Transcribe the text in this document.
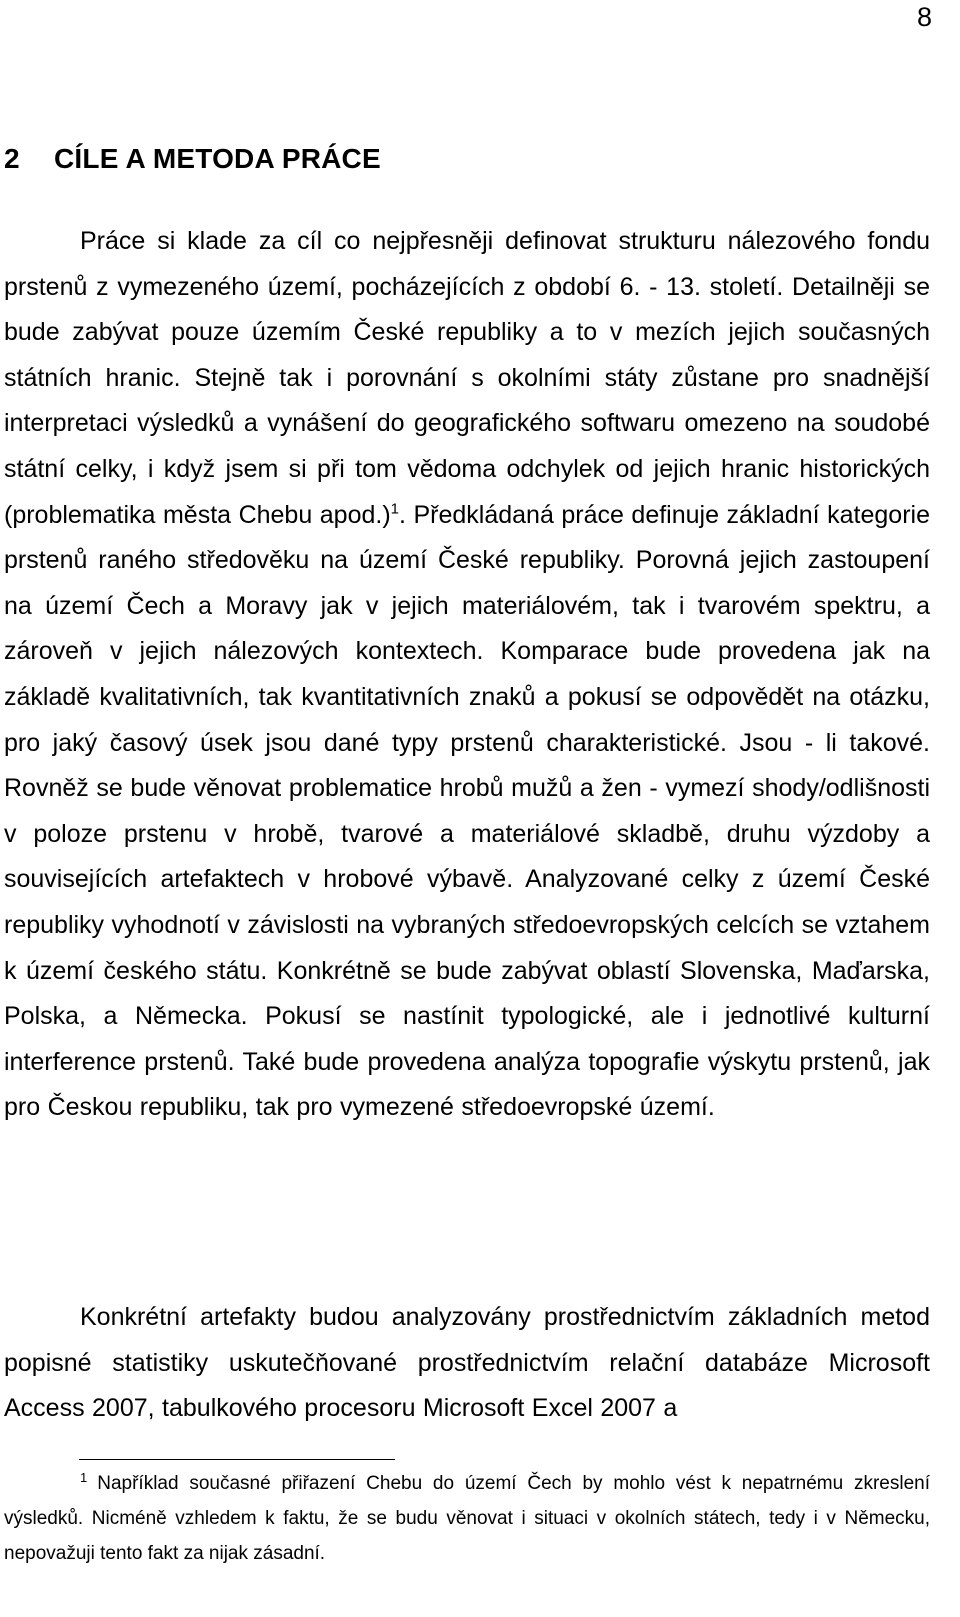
8
2 CÍLE A METODA PRÁCE

Práce si klade za cíl co nejpřesněji definovat strukturu nálezového fondu prstenů z vymezeného území, pocházejících z období 6. - 13. století. Detailněji se bude zabývat pouze územím České republiky a to v mezích jejich současných státních hranic. Stejně tak i porovnání s okolními státy zůstane pro snadnější interpretaci výsledků a vynášení do geografického softwaru omezeno na soudobé státní celky, i když jsem si při tom vědoma odchylek od jejich hranic historických (problematika města Chebu apod.)$^1$. Předkládaná práce definuje základní kategorie prstenů raného středověku na území České republiky. Porovná jejich zastoupení na území Čech a Moravy jak v jejich materiálovém, tak i tvarovém spektru, a zároveň v jejich nálezových kontextech. Komparace bude provedena jak na základě kvalitativních, tak kvantitativních znaků a pokusí se odpovědět na otázku, pro jaký časový úsek jsou dané typy prstenů charakteristické. Jsou - li takové. Rovněž se bude věnovat problematice hrobů mužů a žen - vymezí shody/odlišnosti v poloze prstenu v hrobě, tvarové a materiálové skladbě, druhu výzdoby a souvisejících artefaktech v hrobové výbavě. Analyzované celky z území České republiky vyhodnotí v závislosti na vybraných středoevropských celcích se vztahem k území českého státu. Konkrétně se bude zabývat oblastí Slovenska, Maďarska, Polska, a Německa. Pokusí se nastínit typologické, ale i jednotlivé kulturní interference prstenů. Také bude provedena analýza topografie výskytu prstenů, jak pro Českou republiku, tak pro vymezené středoevropské území.

Konkrétní artefakty budou analyzovány prostřednictvím základních metod popisné statistiky uskutečňované prostřednictvím relační databáze Microsoft Access 2007, tabulkového procesoru Microsoft Excel 2007 a

$^1$ Například současné přiřazení Chebu do území Čech by mohlo vést k nepatrnému zkreslení výsledků. Nicméně vzhledem k faktu, že se budu věnovat i situaci v okolních státech, tedy i v Německu, nepovažuji tento fakt za nijak zásadní.
